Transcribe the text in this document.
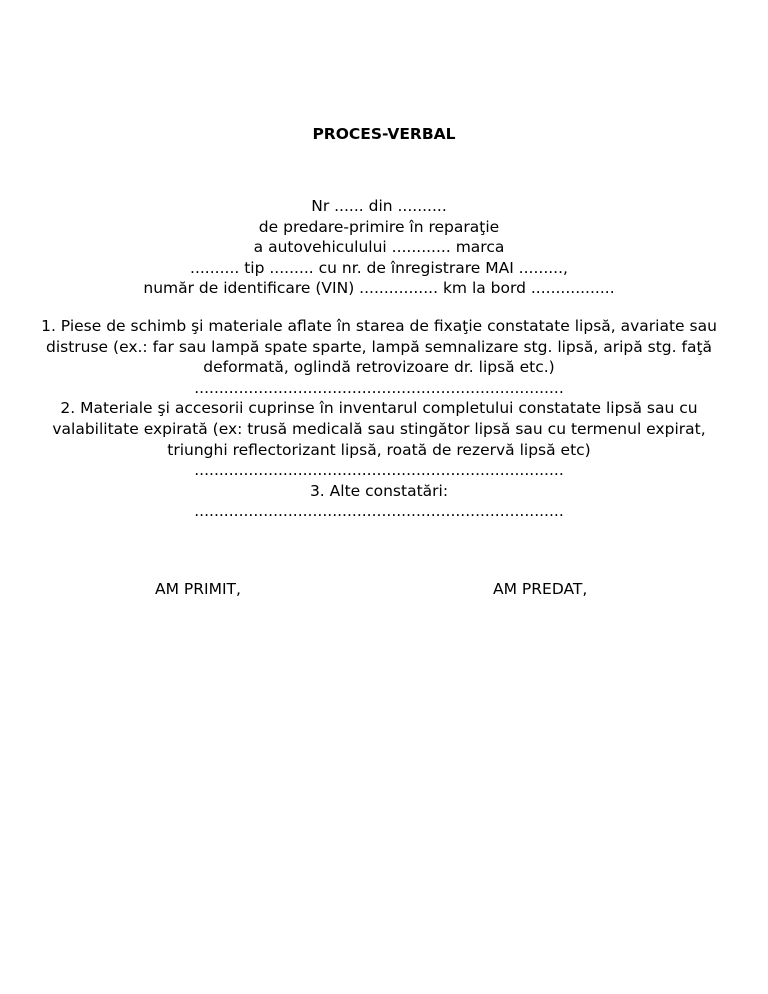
PROCES-VERBAL
Nr ...... din ..........
de predare-primire în reparaţie
a autovehiculului ............ marca
.......... tip ......... cu nr. de înregistrare MAI .........,
număr de identificare (VIN) ................ km la bord .................

1. Piese de schimb şi materiale aflate în starea de fixaţie constatate lipsă, avariate sau distruse (ex.: far sau lampă spate sparte, lampă semnalizare stg. lipsă, aripă stg. faţă deformată, oglindă retrovizoare dr. lipsă etc.)

...........................................................................

2. Materiale şi accesorii cuprinse în inventarul completului constatate lipsă sau cu valabilitate expirată (ex: trusă medicală sau stingător lipsă sau cu termenul expirat, triunghi reflectorizant lipsă, roată de rezervă lipsă etc)

...........................................................................

3. Alte constatări:

...........................................................................

AM PRIMIT,	AM PREDAT,
